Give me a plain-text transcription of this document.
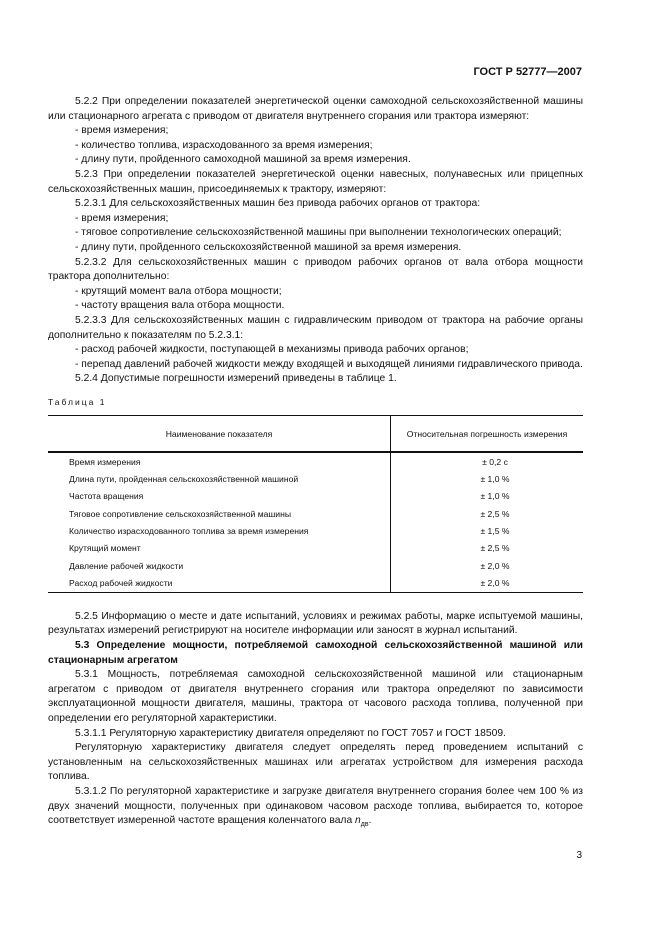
ГОСТ Р 52777—2007

5.2.2 При определении показателей энергетической оценки самоходной сельскохозяйственной машины или стационарного агрегата с приводом от двигателя внутреннего сгорания или трактора измеряют:

- время измерения;

- количество топлива, израсходованного за время измерения;

- длину пути, пройденного самоходной машиной за время измерения.

5.2.3 При определении показателей энергетической оценки навесных, полунавесных или прицепных сельскохозяйственных машин, присоединяемых к трактору, измеряют:

5.2.3.1 Для сельскохозяйственных машин без привода рабочих органов от трактора:

- время измерения;

- тяговое сопротивление сельскохозяйственной машины при выполнении технологических операций;

- длину пути, пройденного сельскохозяйственной машиной за время измерения.

5.2.3.2 Для сельскохозяйственных машин с приводом рабочих органов от вала отбора мощности трактора дополнительно:

- крутящий момент вала отбора мощности;

- частоту вращения вала отбора мощности.

5.2.3.3 Для сельскохозяйственных машин с гидравлическим приводом от трактора на рабочие органы дополнительно к показателям по 5.2.3.1:

- расход рабочей жидкости, поступающей в механизмы привода рабочих органов;

- перепад давлений рабочей жидкости между входящей и выходящей линиями гидравлического привода.

5.2.4 Допустимые погрешности измерений приведены в таблице 1.

Таблица 1
Наименование показателя	Относительная погрешность измерения
Время измерения	± 0,2 с
Длина пути, пройденная сельскохозяйственной машиной	± 1,0 %
Частота вращения	± 1,0 %
Тяговое сопротивление сельскохозяйственной машины	± 2,5 %
Количество израсходованного топлива за время измерения	± 1,5 %
Крутящий момент	± 2,5 %
Давление рабочей жидкости	± 2,0 %
Расход рабочей жидкости	± 2,0 %

5.2.5 Информацию о месте и дате испытаний, условиях и режимах работы, марке испытуемой машины, результатах измерений регистрируют на носителе информации или заносят в журнал испытаний.

5.3 Определение мощности, потребляемой самоходной сельскохозяйственной машиной или стационарным агрегатом

5.3.1 Мощность, потребляемая самоходной сельскохозяйственной машиной или стационарным агрегатом с приводом от двигателя внутреннего сгорания или трактора определяют по зависимости эксплуатационной мощности двигателя, машины, трактора от часового расхода топлива, полученной при определении его регуляторной характеристики.

5.3.1.1 Регуляторную характеристику двигателя определяют по ГОСТ 7057 и ГОСТ 18509.

Регуляторную характеристику двигателя следует определять перед проведением испытаний с установленным на сельскохозяйственных машинах или агрегатах устройством для измерения расхода топлива.

5.3.1.2 По регуляторной характеристике и загрузке двигателя внутреннего сгорания более чем 100 % из двух значений мощности, полученных при одинаковом часовом расходе топлива, выбирается то, которое соответствует измеренной частоте вращения коленчатого вала $n_{дв}$.

3
